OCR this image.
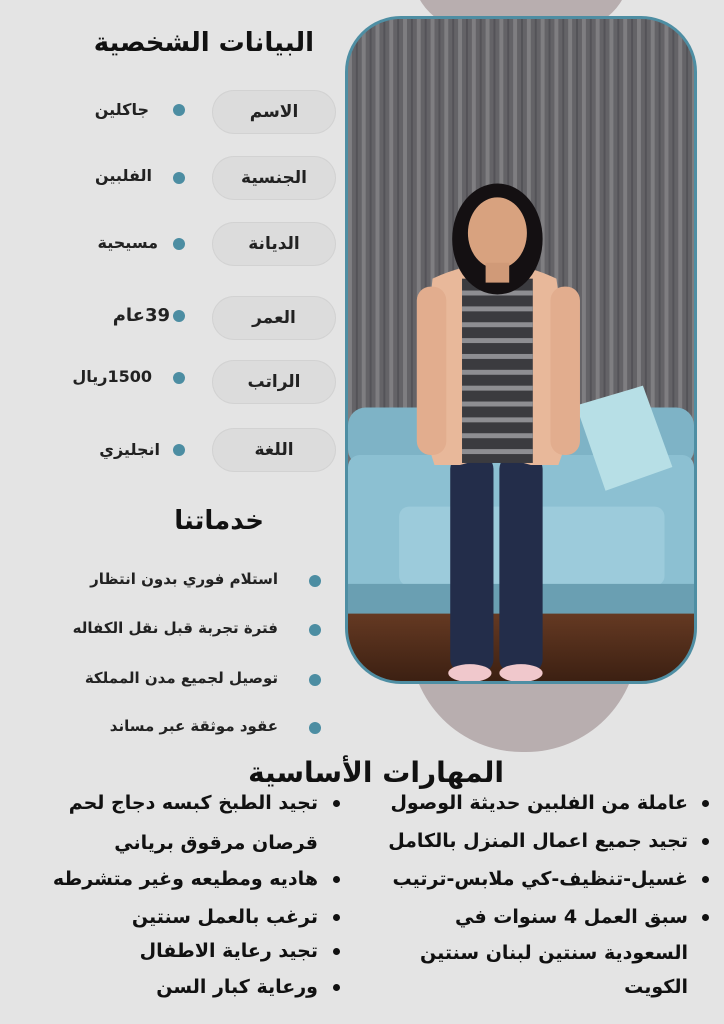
البيانات الشخصية
الاسم
جاكلين
الجنسية
الفلبين
الديانة
مسيحية
العمر
39عام
الراتب
1500ريال
اللغة
انجليزي
خدماتنا
استلام فوري بدون انتظار
فترة تجربة قبل نقل الكفاله
توصيل لجميع مدن المملكة
عقود موثقة عبر مساند
المهارات الأساسية
عاملة من الفلبين حديثة الوصول
تجيد جميع اعمال المنزل بالكامل
غسيل-تنظيف-كي ملابس-ترتيب
سبق العمل 4 سنوات في
السعودية سنتين لبنان سنتين
الكويت
تجيد الطبخ كبسه دجاج لحم
قرصان مرقوق برياني
هاديه ومطيعه وغير متشرطه
ترغب بالعمل سنتين
تجيد رعاية الاطفال
ورعاية كبار السن
